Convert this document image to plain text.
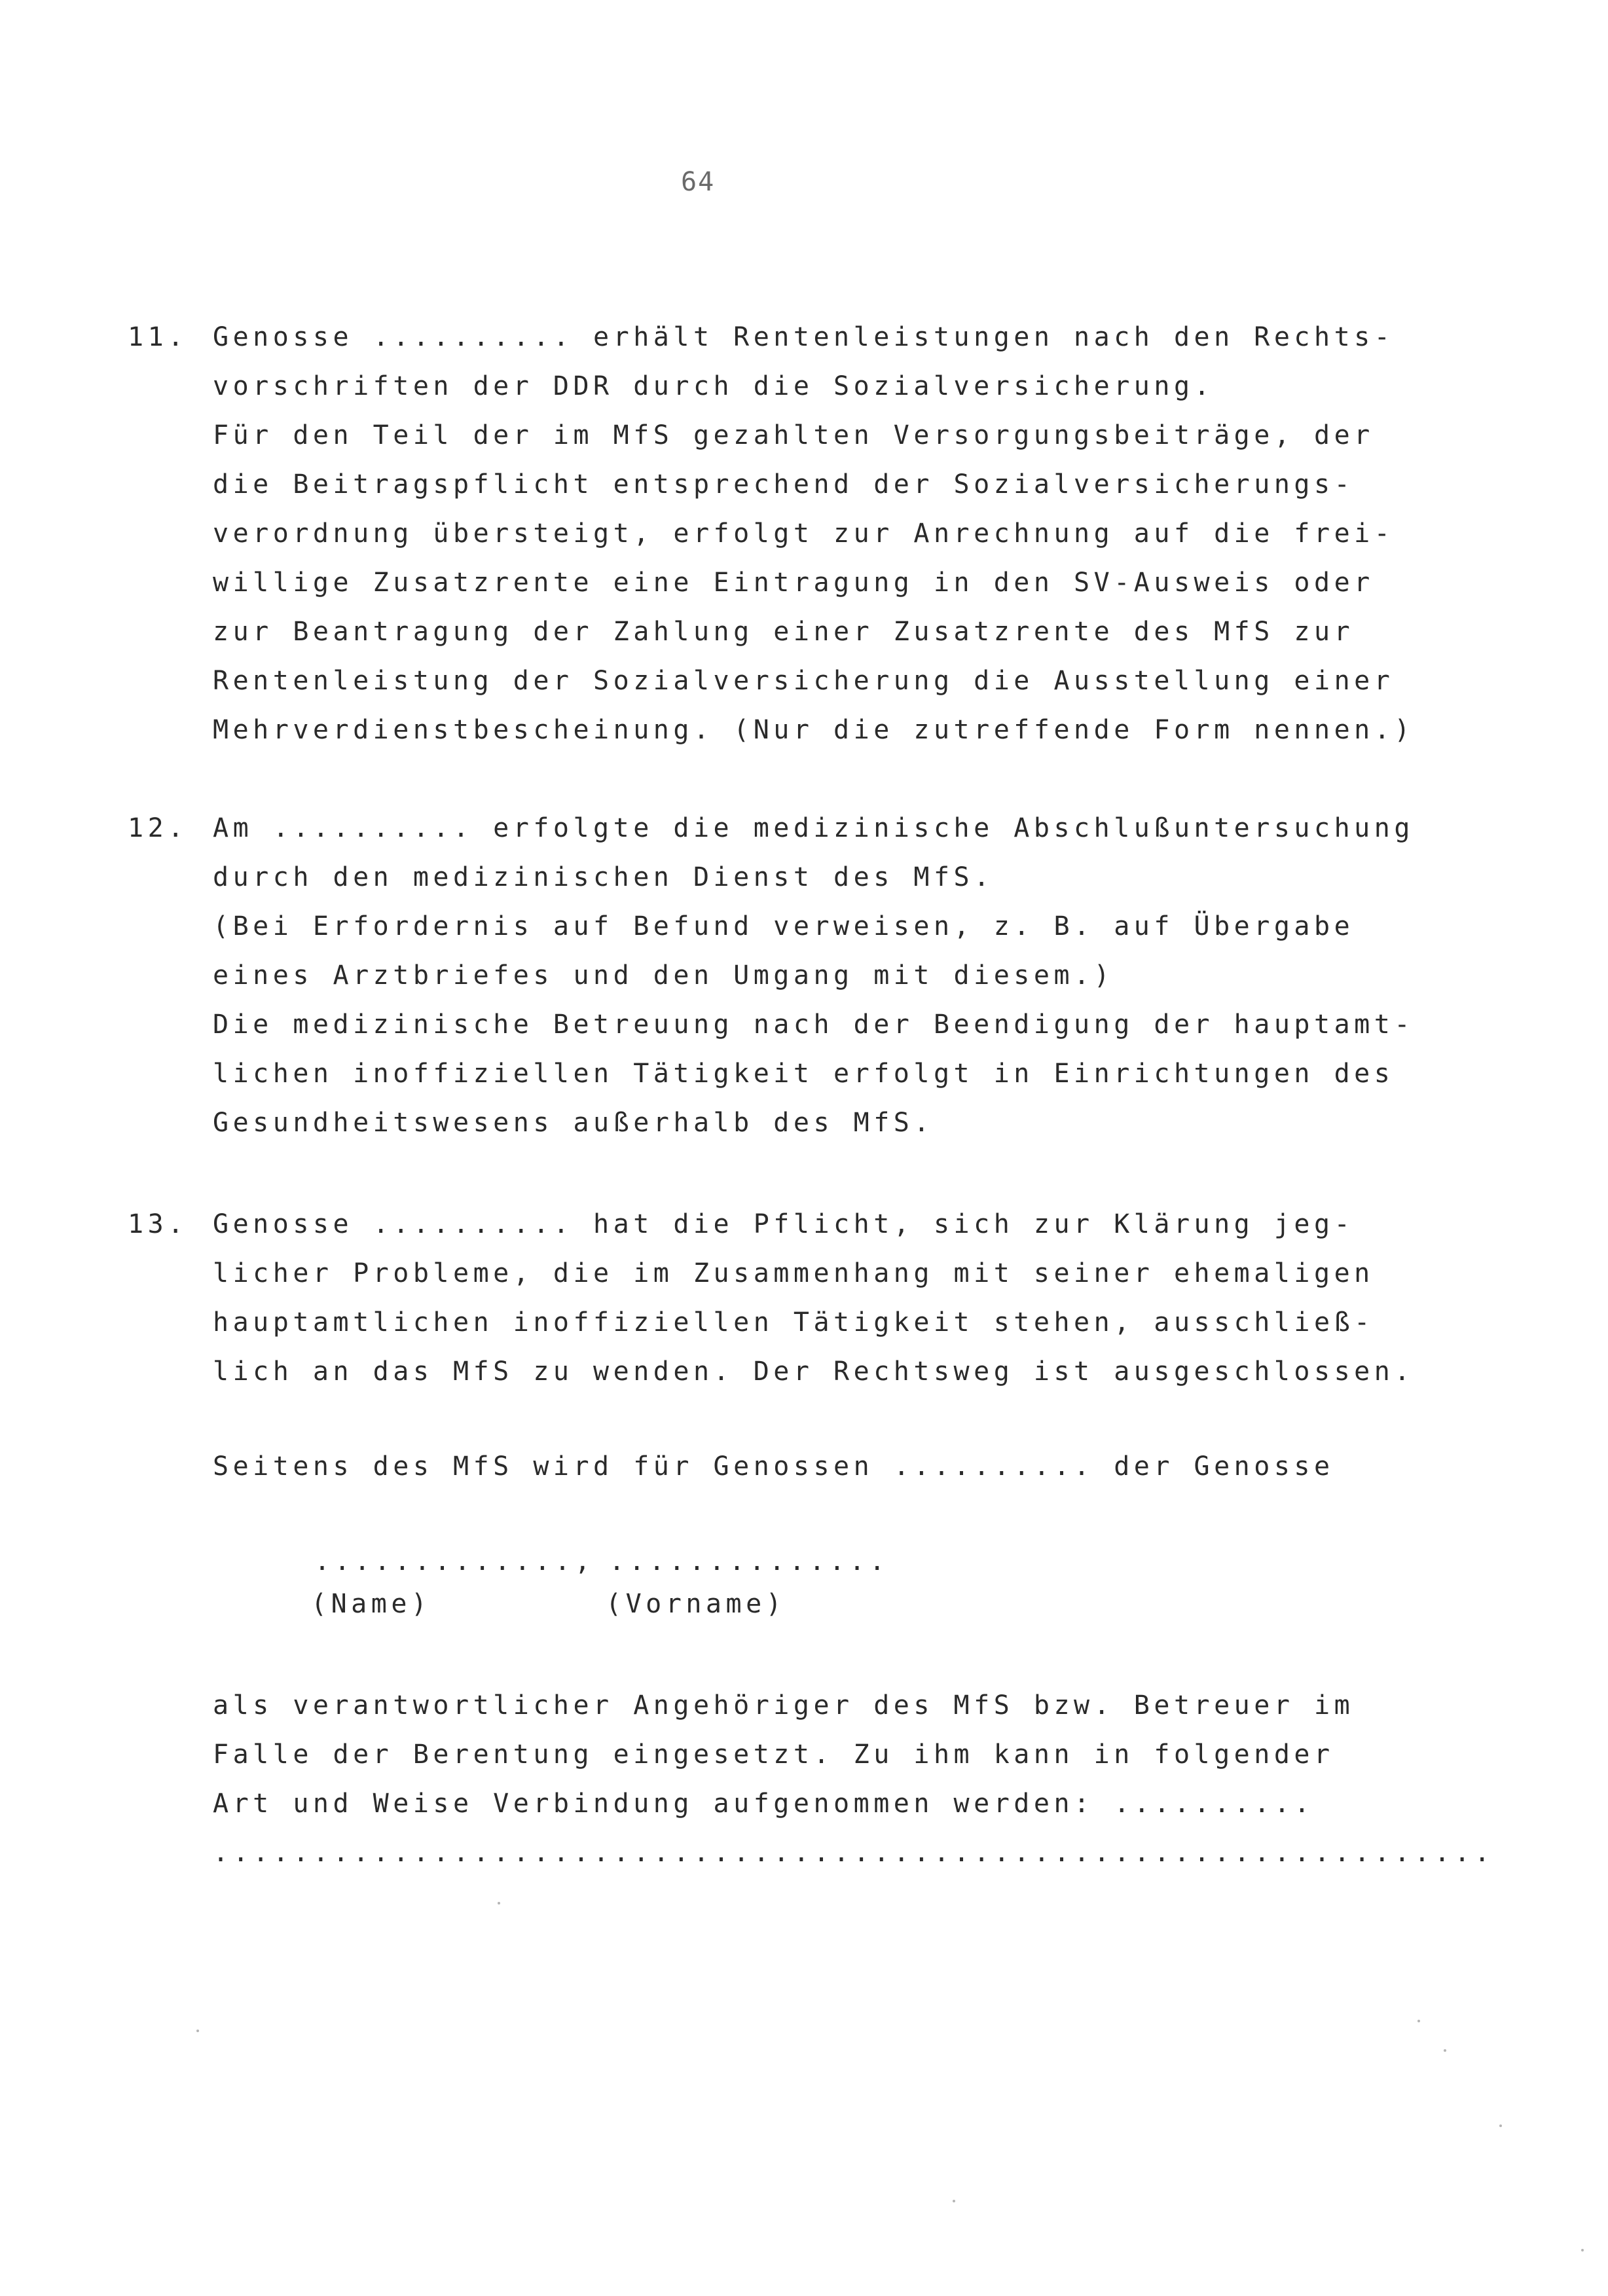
64

11.

Genosse .......... erhält Rentenleistungen nach den Rechts-

vorschriften der DDR durch die Sozialversicherung.

Für den Teil der im MfS gezahlten Versorgungsbeiträge, der

die Beitragspflicht entsprechend der Sozialversicherungs-

verordnung übersteigt, erfolgt zur Anrechnung auf die frei-

willige Zusatzrente eine Eintragung in den SV-Ausweis oder

zur Beantragung der Zahlung einer Zusatzrente des MfS zur

Rentenleistung der Sozialversicherung die Ausstellung einer

Mehrverdienstbescheinung. (Nur die zutreffende Form nennen.)

12.

Am .......... erfolgte die medizinische Abschlußuntersuchung

durch den medizinischen Dienst des MfS.

(Bei Erfordernis auf Befund verweisen, z. B. auf Übergabe

eines Arztbriefes und den Umgang mit diesem.)

Die medizinische Betreuung nach der Beendigung der hauptamt-

lichen inoffiziellen Tätigkeit erfolgt in Einrichtungen des

Gesundheitswesens außerhalb des MfS.

13.

Genosse .......... hat die Pflicht, sich zur Klärung jeg-

licher Probleme, die im Zusammenhang mit seiner ehemaligen

hauptamtlichen inoffiziellen Tätigkeit stehen, ausschließ-

lich an das MfS zu wenden. Der Rechtsweg ist ausgeschlossen.

Seitens des MfS wird für Genossen .......... der Genosse

.............,

..............

(Name)

	(Vorname)

als verantwortlicher Angehöriger des MfS bzw. Betreuer im

Falle der Berentung eingesetzt. Zu ihm kann in folgender

Art und Weise Verbindung aufgenommen werden: ..........

................................................................
